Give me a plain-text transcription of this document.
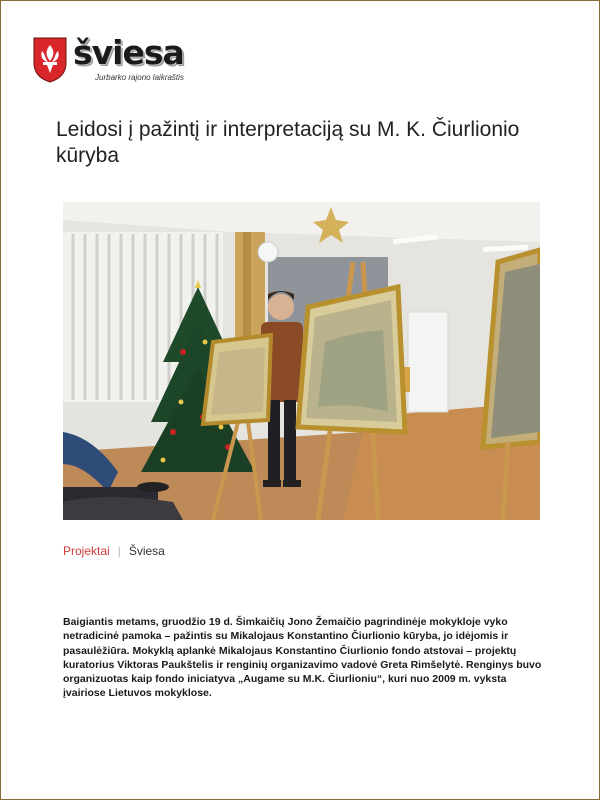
šviesa
Jurbarko rajono laikraštis
Leidosi į pažintį ir interpretaciją su M. K. Čiurlionio kūryba
Projektai | Šviesa

Baigiantis metams, gruodžio 19 d. Šimkaičių Jono Žemaičio pagrindinėje mokykloje vyko netradicinė pamoka – pažintis su Mikalojaus Konstantino Čiurlionio kūryba, jo idėjomis ir pasaulėžiūra. Mokyklą aplankė Mikalojaus Konstantino Čiurlionio fondo atstovai – projektų kuratorius Viktoras Paukštelis ir renginių organizavimo vadovė Greta Rimšelytė. Renginys buvo organizuotas kaip fondo iniciatyva „Augame su M.K. Čiurlioniu“, kuri nuo 2009 m. vyksta įvairiose Lietuvos mokyklose.
